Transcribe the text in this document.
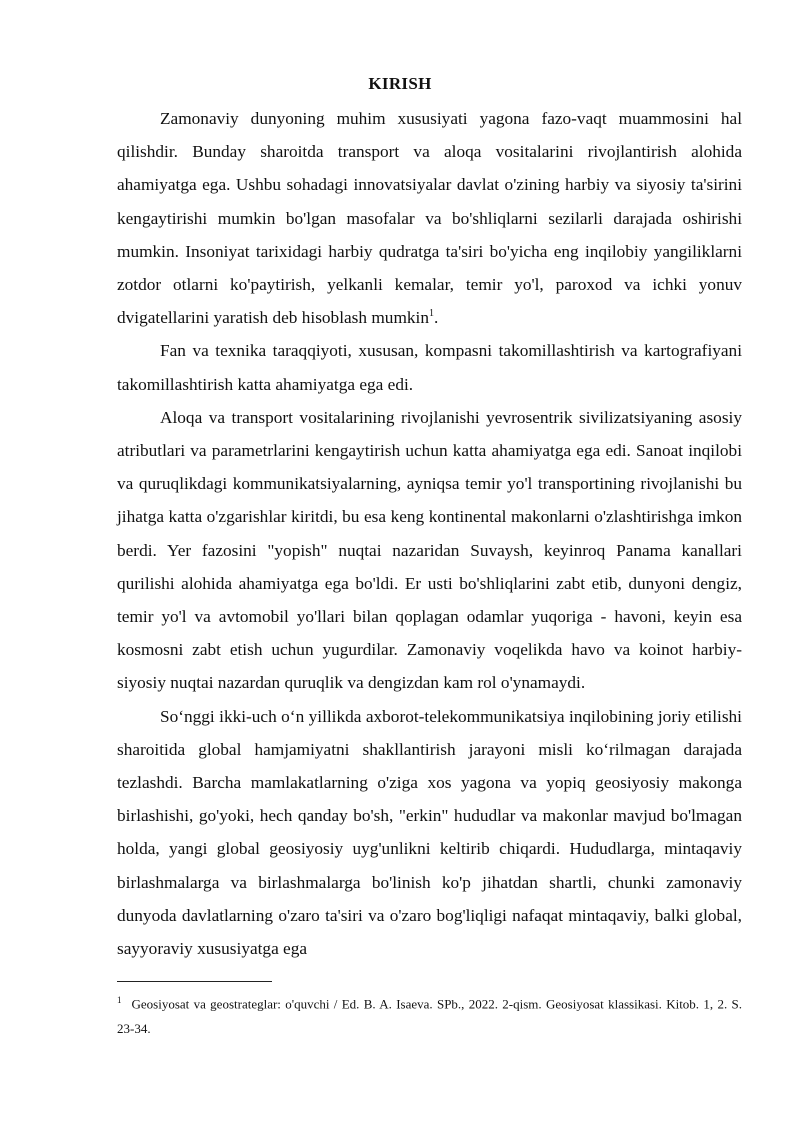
KIRISH

Zamonaviy dunyoning muhim xususiyati yagona fazo-vaqt muammosini hal qilishdir. Bunday sharoitda transport va aloqa vositalarini rivojlantirish alohida ahamiyatga ega. Ushbu sohadagi innovatsiyalar davlat o'zining harbiy va siyosiy ta'sirini kengaytirishi mumkin bo'lgan masofalar va bo'shliqlarni sezilarli darajada oshirishi mumkin. Insoniyat tarixidagi harbiy qudratga ta'siri bo'yicha eng inqilobiy yangiliklarni zotdor otlarni ko'paytirish, yelkanli kemalar, temir yo'l, paroxod va ichki yonuv dvigatellarini yaratish deb hisoblash mumkin$^1$.

Fan va texnika taraqqiyoti, xususan, kompasni takomillashtirish va kartografiyani takomillashtirish katta ahamiyatga ega edi.

Aloqa va transport vositalarining rivojlanishi yevrosentrik sivilizatsiyaning asosiy atributlari va parametrlarini kengaytirish uchun katta ahamiyatga ega edi. Sanoat inqilobi va quruqlikdagi kommunikatsiyalarning, ayniqsa temir yo'l transportining rivojlanishi bu jihatga katta o'zgarishlar kiritdi, bu esa keng kontinental makonlarni o'zlashtirishga imkon berdi. Yer fazosini "yopish" nuqtai nazaridan Suvaysh, keyinroq Panama kanallari qurilishi alohida ahamiyatga ega bo'ldi. Er usti bo'shliqlarini zabt etib, dunyoni dengiz, temir yo'l va avtomobil yo'llari bilan qoplagan odamlar yuqoriga - havoni, keyin esa kosmosni zabt etish uchun yugurdilar. Zamonaviy voqelikda havo va koinot harbiy-siyosiy nuqtai nazardan quruqlik va dengizdan kam rol o'ynamaydi.

So‘nggi ikki-uch o‘n yillikda axborot-telekommunikatsiya inqilobining joriy etilishi sharoitida global hamjamiyatni shakllantirish jarayoni misli ko‘rilmagan darajada tezlashdi. Barcha mamlakatlarning o'ziga xos yagona va yopiq geosiyosiy makonga birlashishi, go'yoki, hech qanday bo'sh, "erkin" hududlar va makonlar mavjud bo'lmagan holda, yangi global geosiyosiy uyg'unlikni keltirib chiqardi. Hududlarga, mintaqaviy birlashmalarga va birlashmalarga bo'linish ko'p jihatdan shartli, chunki zamonaviy dunyoda davlatlarning o'zaro ta'siri va o'zaro bog'liqligi nafaqat mintaqaviy, balki global, sayyoraviy xususiyatga ega

$^1$ Geosiyosat va geostrateglar: o'quvchi / Ed. B. A. Isaeva. SPb., 2022. 2-qism. Geosiyosat klassikasi. Kitob. 1, 2. S. 23-34.
